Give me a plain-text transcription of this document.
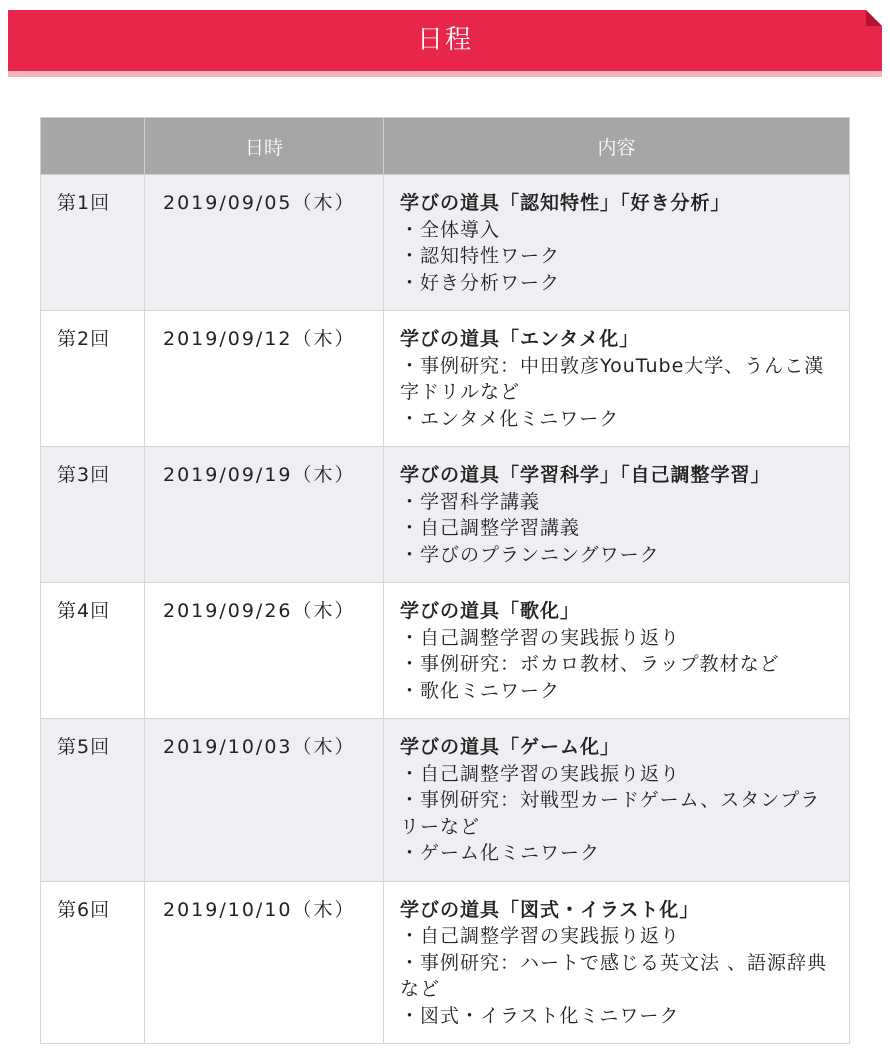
日程
	日時	内容
第1回	2019/09/05（木）	学びの道具「認知特性」「好き分析」
・全体導入
・認知特性ワーク
・好き分析ワーク

第2回	2019/09/12（木）	学びの道具「エンタメ化」
・事例研究：中田敦彦YouTube大学、うんこ漢字ドリルなど
・エンタメ化ミニワーク

第3回	2019/09/19（木）	学びの道具「学習科学」「自己調整学習」
・学習科学講義
・自己調整学習講義
・学びのプランニングワーク

第4回	2019/09/26（木）	学びの道具「歌化」
・自己調整学習の実践振り返り
・事例研究：ボカロ教材、ラップ教材など
・歌化ミニワーク

第5回	2019/10/03（木）	学びの道具「ゲーム化」
・自己調整学習の実践振り返り
・事例研究：対戦型カードゲーム、スタンプラリーなど
・ゲーム化ミニワーク

第6回	2019/10/10（木）	学びの道具「図式・イラスト化」
・自己調整学習の実践振り返り
・事例研究：ハートで感じる英文法 、語源辞典など
・図式・イラスト化ミニワーク
